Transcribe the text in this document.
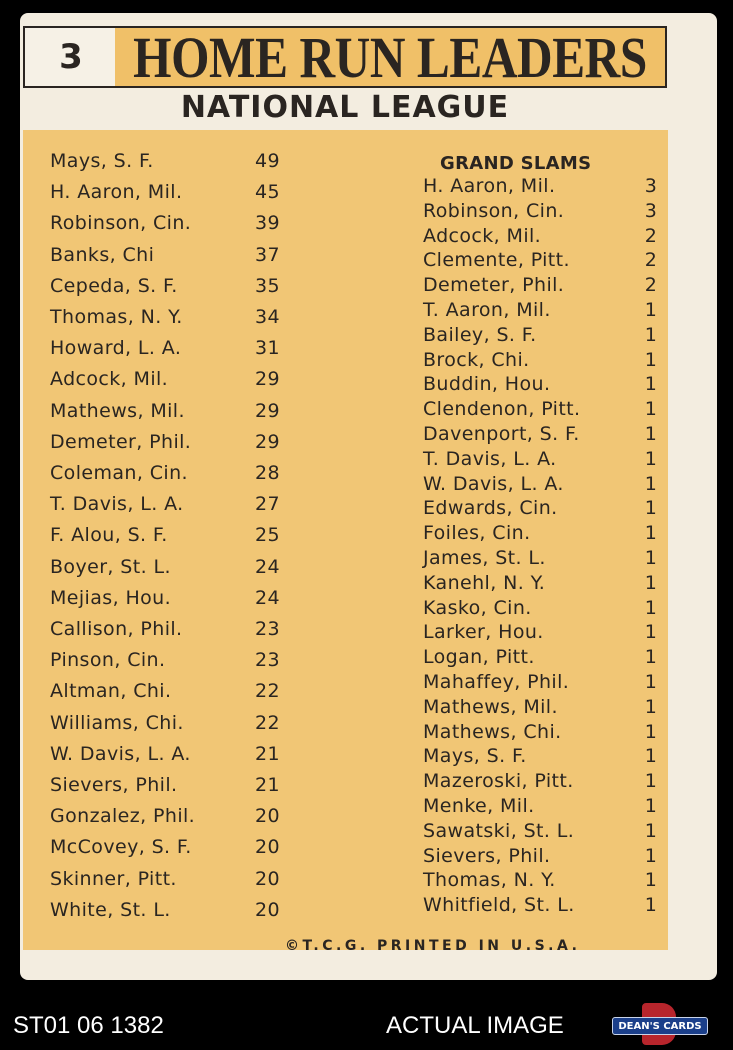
3 HOME RUN LEADERS
NATIONAL LEAGUE
Mays, S. F.	49
H. Aaron, Mil.	45
Robinson, Cin.	39
Banks, Chi	37
Cepeda, S. F.	35
Thomas, N. Y.	34
Howard, L. A.	31
Adcock, Mil.	29
Mathews, Mil.	29
Demeter, Phil.	29
Coleman, Cin.	28
T. Davis, L. A.	27
F. Alou, S. F.	25
Boyer, St. L.	24
Mejias, Hou.	24
Callison, Phil.	23
Pinson, Cin.	23
Altman, Chi.	22
Williams, Chi.	22
W. Davis, L. A.	21
Sievers, Phil.	21
Gonzalez, Phil.	20
McCovey, S. F.	20
Skinner, Pitt.	20
White, St. L.	20
GRAND SLAMS
H. Aaron, Mil.	3
Robinson, Cin.	3
Adcock, Mil.	2
Clemente, Pitt.	2
Demeter, Phil.	2
T. Aaron, Mil.	1
Bailey, S. F.	1
Brock, Chi.	1
Buddin, Hou.	1
Clendenon, Pitt.	1
Davenport, S. F.	1
T. Davis, L. A.	1
W. Davis, L. A.	1
Edwards, Cin.	1
Foiles, Cin.	1
James, St. L.	1
Kanehl, N. Y.	1
Kasko, Cin.	1
Larker, Hou.	1
Logan, Pitt.	1
Mahaffey, Phil.	1
Mathews, Mil.	1
Mathews, Chi.	1
Mays, S. F.	1
Mazeroski, Pitt.	1
Menke, Mil.	1
Sawatski, St. L.	1
Sievers, Phil.	1
Thomas, N. Y.	1
Whitfield, St. L.	1
©T.C.G. PRINTED IN U.S.A.
ST01 06 1382	ACTUAL IMAGE	DEAN'S CARDS
